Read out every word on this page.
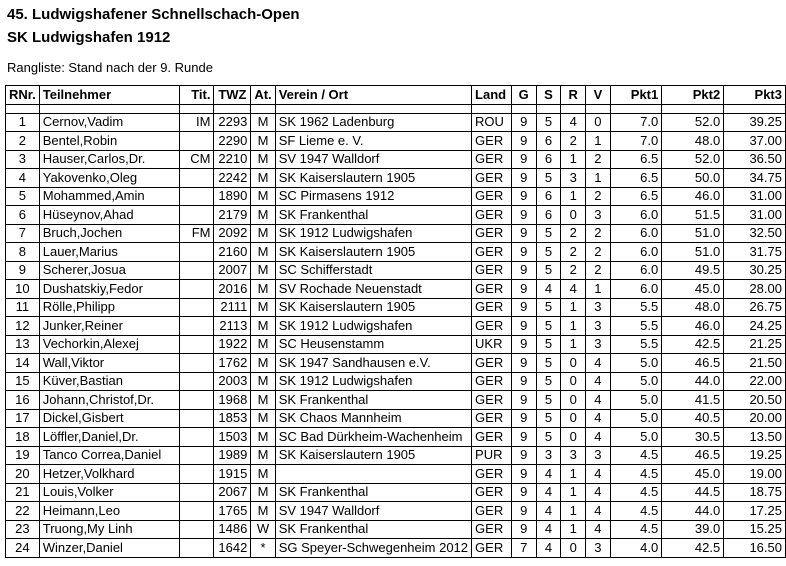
45. Ludwigshafener Schnellschach-Open
SK Ludwigshafen 1912
Rangliste: Stand nach der 9. Runde
RNr.	Teilnehmer	Tit.	TWZ	At.	Verein / Ort	Land	G	S	R	V	Pkt1	Pkt2	Pkt3

1	Cernov,Vadim	IM	2293	M	SK 1962 Ladenburg	ROU	9	5	4	0	7.0	52.0	39.25
2	Bentel,Robin		2290	M	SF Lieme e. V.	GER	9	6	2	1	7.0	48.0	37.00
3	Hauser,Carlos,Dr.	CM	2210	M	SV 1947 Walldorf	GER	9	6	1	2	6.5	52.0	36.50
4	Yakovenko,Oleg		2242	M	SK Kaiserslautern 1905	GER	9	5	3	1	6.5	50.0	34.75
5	Mohammed,Amin		1890	M	SC Pirmasens 1912	GER	9	6	1	2	6.5	46.0	31.00
6	Hüseynov,Ahad		2179	M	SK Frankenthal	GER	9	6	0	3	6.0	51.5	31.00
7	Bruch,Jochen	FM	2092	M	SK 1912 Ludwigshafen	GER	9	5	2	2	6.0	51.0	32.50
8	Lauer,Marius		2160	M	SK Kaiserslautern 1905	GER	9	5	2	2	6.0	51.0	31.75
9	Scherer,Josua		2007	M	SC Schifferstadt	GER	9	5	2	2	6.0	49.5	30.25
10	Dushatskiy,Fedor		2016	M	SV Rochade Neuenstadt	GER	9	4	4	1	6.0	45.0	28.00
11	Rölle,Philipp		2111	M	SK Kaiserslautern 1905	GER	9	5	1	3	5.5	48.0	26.75
12	Junker,Reiner		2113	M	SK 1912 Ludwigshafen	GER	9	5	1	3	5.5	46.0	24.25
13	Vechorkin,Alexej		1922	M	SC Heusenstamm	UKR	9	5	1	3	5.5	42.5	21.25
14	Wall,Viktor		1762	M	SK 1947 Sandhausen e.V.	GER	9	5	0	4	5.0	46.5	21.50
15	Küver,Bastian		2003	M	SK 1912 Ludwigshafen	GER	9	5	0	4	5.0	44.0	22.00
16	Johann,Christof,Dr.		1968	M	SK Frankenthal	GER	9	5	0	4	5.0	41.5	20.50
17	Dickel,Gisbert		1853	M	SK Chaos Mannheim	GER	9	5	0	4	5.0	40.5	20.00
18	Löffler,Daniel,Dr.		1503	M	SC Bad Dürkheim-Wachenheim	GER	9	5	0	4	5.0	30.5	13.50
19	Tanco Correa,Daniel		1989	M	SK Kaiserslautern 1905	PUR	9	3	3	3	4.5	46.5	19.25
20	Hetzer,Volkhard		1915	M		GER	9	4	1	4	4.5	45.0	19.00
21	Louis,Volker		2067	M	SK Frankenthal	GER	9	4	1	4	4.5	44.5	18.75
22	Heimann,Leo		1765	M	SV 1947 Walldorf	GER	9	4	1	4	4.5	44.0	17.25
23	Truong,My Linh		1486	W	SK Frankenthal	GER	9	4	1	4	4.5	39.0	15.25
24	Winzer,Daniel		1642	*	SG Speyer-Schwegenheim 2012	GER	7	4	0	3	4.0	42.5	16.50
